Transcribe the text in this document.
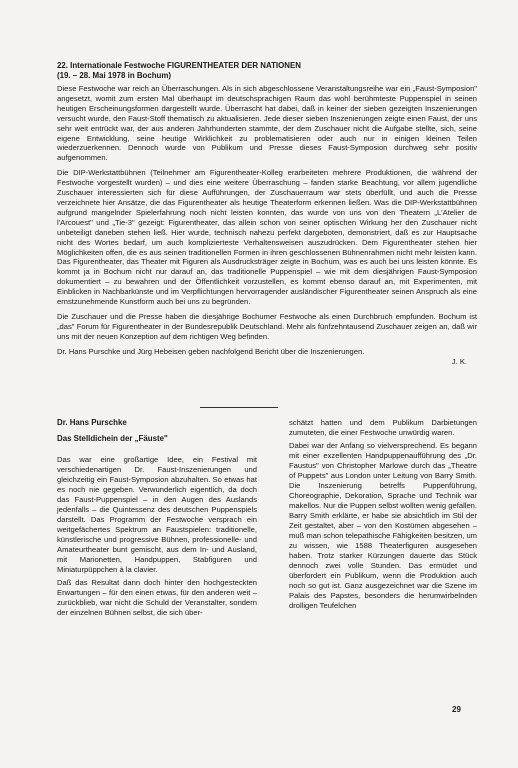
22. Internationale Festwoche FIGURENTHEATER DER NATIONEN
(19. – 28. Mai 1978 in Bochum)

Diese Festwoche war reich an Überraschungen. Als in sich abgeschlossene Veranstaltungsreihe war ein „Faust-Symposion" angesetzt, womit zum ersten Mal überhaupt im deutschsprachigen Raum das wohl berühmteste Puppenspiel in seinen heutigen Erscheinungsformen dargestellt wurde. Überrascht hat dabei, daß in keiner der sieben gezeigten Inszenierungen versucht wurde, den Faust-Stoff thematisch zu aktualisieren. Jede dieser sieben Inszenierungen zeigte einen Faust, der uns sehr weit entrückt war, der aus anderen Jahrhunderten stammte, der dem Zuschauer nicht die Aufgabe stellte, sich, seine eigene Entwicklung, seine heutige Wirklichkeit zu problematisieren oder auch nur in einigen kleinen Teilen wiederzuerkennen. Dennoch wurde von Publikum und Presse dieses Faust-Symposion durchweg sehr positiv aufgenommen.

Die DIP-Werkstattbühnen (Teilnehmer am Figurentheater-Kolleg erarbeiteten mehrere Produktionen, die während der Festwoche vorgestellt wurden) – und dies eine weitere Überraschung – fanden starke Beachtung, vor allem jugendliche Zuschauer interessierten sich für diese Aufführungen, der Zuschauerraum war stets überfüllt, und auch die Presse verzeichnete hier Ansätze, die das Figurentheater als heutige Theaterform erkennen ließen. Was die DIP-Werkstattbühnen aufgrund mangelnder Spielerfahrung noch nicht leisten konnten, das wurde von uns von den Theatern „L'Atelier de l'Arcouest" und „Tie-3" gezeigt: Figurentheater, das allein schon von seiner optischen Wirkung her den Zuschauer nicht unbeteiligt daneben stehen ließ. Hier wurde, technisch nahezu perfekt dargeboten, demonstriert, daß es zur Hauptsache nicht des Wortes bedarf, um auch komplizierteste Verhaltensweisen auszudrücken. Dem Figurentheater stehen hier Möglichkeiten offen, die es aus seinen traditionellen Formen in ihren geschlossenen Bühnenrahmen nicht mehr leisten kann. Das Figurentheater, das Theater mit Figuren als Ausdrucksträger zeigte in Bochum, was es auch bei uns leisten könnte. Es kommt ja in Bochum nicht nur darauf an, das traditionelle Puppenspiel – wie mit dem diesjährigen Faust-Symposion dokumentiert – zu bewahren und der Öffentlichkeit vorzustellen, es kommt ebenso darauf an, mit Experimenten, mit Einblicken in Nachbarkünste und im Verpflichtungen hervorragender ausländischer Figurentheater seinen Anspruch als eine ernstzunehmende Kunstform auch bei uns zu begründen.

Die Zuschauer und die Presse haben die diesjährige Bochumer Festwoche als einen Durchbruch empfunden. Bochum ist „das" Forum für Figurentheater in der Bundesrepublik Deutschland. Mehr als fünfzehntausend Zuschauer zeigen an, daß wir uns mit der neuen Konzeption auf dem richtigen Weg befinden.

Dr. Hans Purschke und Jürg Hebeisen geben nachfolgend Bericht über die Inszenierungen.

J. K.
Dr. Hans Purschke
Das Stelldichein der „Fäuste"

Das war eine großartige Idee, ein Festival mit verschiedenartigen Dr. Faust-Inszenierungen und gleichzeitig ein Faust-Symposion abzuhalten. So etwas hat es noch nie gegeben. Verwunderlich eigentlich, da doch das Faust-Puppenspiel – in den Augen des Auslands jedenfalls – die Quintessenz des deutschen Puppenspiels darstellt. Das Programm der Festwoche versprach ein weitgefächertes Spektrum an Faustspielen: traditionelle, künstlerische und progressive Bühnen, professionelle- und Amateurtheater bunt gemischt, aus dem In- und Ausland, mit Marionetten, Handpuppen, Stabfiguren und Miniaturpüppchen à la clavier.

Daß das Resultat dann doch hinter den hochgesteckten Erwartungen – für den einen etwas, für den anderen weit – zurückblieb, war nicht die Schuld der Veranstalter, sondern der einzelnen Bühnen selbst, die sich über-

schätzt hatten und dem Publikum Darbietungen zumuteten, die einer Festwoche unwürdig waren.

Dabei war der Anfang so vielversprechend. Es begann mit einer exzellenten Handpuppenaufführung des „Dr. Faustus" von Christopher Marlowe durch das „Theatre of Puppets" aus London unter Leitung von Barry Smith. Die Inszenierung betreffs Puppenführung, Choreographie, Dekoration, Sprache und Technik war makellos. Nur die Puppen selbst wollten wenig gefallen. Barry Smith erklärte, er habe sie absichtlich im Stil der Zeit gestaltet, aber – von den Kostümen abgesehen – muß man schon telepathische Fähigkeiten besitzen, um zu wissen, wie 1588 Theaterfiguren ausgesehen haben. Trotz starker Kürzungen dauerte das Stück dennoch zwei volle Stunden. Das ermüdet und überfordert ein Publikum, wenn die Produktion auch noch so gut ist. Ganz ausgezeichnet war die Szene im Palais des Papstes, besonders die herumwirbelnden drolligen Teufelchen

29
